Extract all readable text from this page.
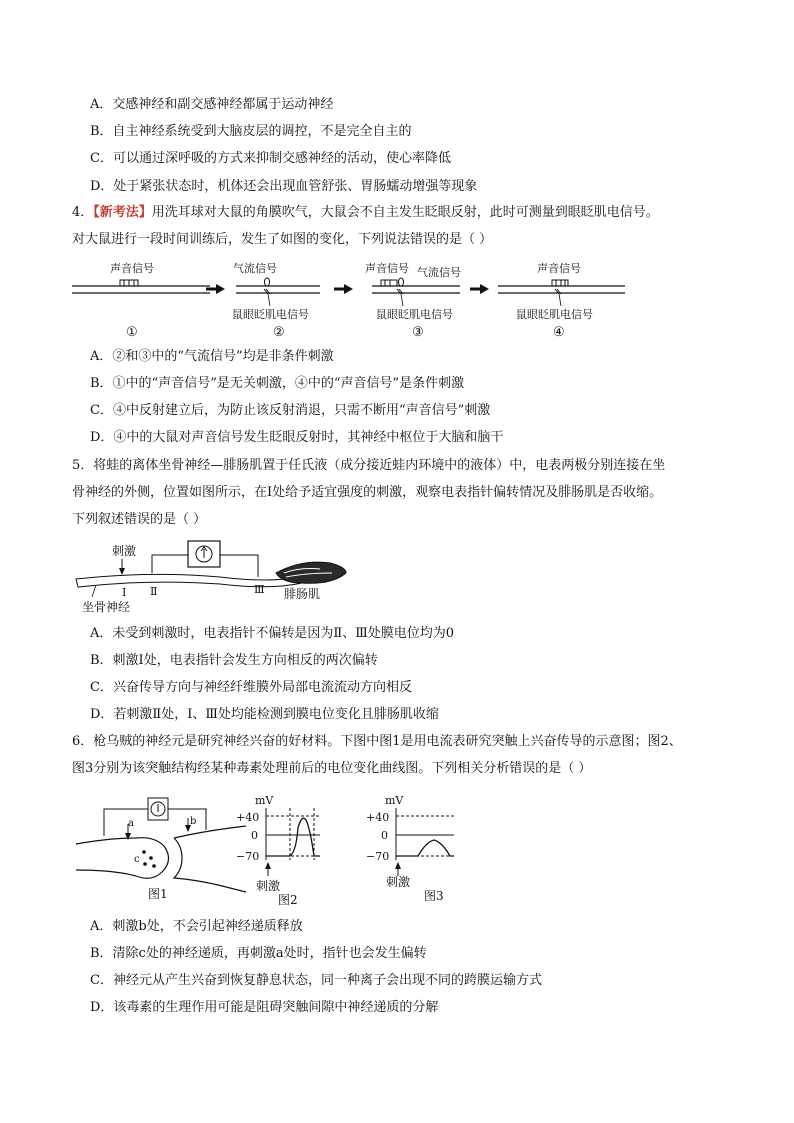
A．交感神经和副交感神经都属于运动神经
B．自主神经系统受到大脑皮层的调控，不是完全自主的
C．可以通过深呼吸的方式来抑制交感神经的活动，使心率降低
D．处于紧张状态时，机体还会出现血管舒张、胃肠蠕动增强等现象
4．【新考法】用洗耳球对大鼠的角膜吹气，大鼠会不自主发生眨眼反射，此时可测量到眼眨肌电信号。
对大鼠进行一段时间训练后，发生了如图的变化，下列说法错误的是（ ）
声音信号
①
气流信号
鼠眼眨肌电信号
②
声音信号 气流信号
鼠眼眨肌电信号
③
声音信号
鼠眼眨肌电信号
④
A．②和③中的“气流信号”均是非条件刺激
B．①中的“声音信号”是无关刺激，④中的“声音信号”是条件刺激
C．④中反射建立后，为防止该反射消退，只需不断用“声音信号”刺激
D．④中的大鼠对声音信号发生眨眼反射时，其神经中枢位于大脑和脑干
5．将蛙的离体坐骨神经—腓肠肌置于任氏液（成分接近蛙内环境中的液体）中，电表两极分别连接在坐
骨神经的外侧，位置如图所示，在Ⅰ处给予适宜强度的刺激，观察电表指针偏转情况及腓肠肌是否收缩。
下列叙述错误的是（ ）
刺激
Ⅰ Ⅱ	Ⅲ 腓肠肌
坐骨神经
A．未受到刺激时，电表指针不偏转是因为Ⅱ、Ⅲ处膜电位均为0
B．刺激Ⅰ处，电表指针会发生方向相反的两次偏转
C．兴奋传导方向与神经纤维膜外局部电流流动方向相反
D．若刺激Ⅱ处，Ⅰ、Ⅲ处均能检测到膜电位变化且腓肠肌收缩
6．枪乌贼的神经元是研究神经兴奋的好材料。下图中图1是用电流表研究突触上兴奋传导的示意图；图2、
图3分别为该突触结构经某种毒素处理前后的电位变化曲线图。下列相关分析错误的是（ ）
a	b
c
图1
mV
+40
0
−70
刺激
图2
mV
+40
0
−70
刺激
图3
A．刺激b处，不会引起神经递质释放
B．清除c处的神经递质，再刺激a处时，指针也会发生偏转
C．神经元从产生兴奋到恢复静息状态，同一种离子会出现不同的跨膜运输方式
D．该毒素的生理作用可能是阻碍突触间隙中神经递质的分解
